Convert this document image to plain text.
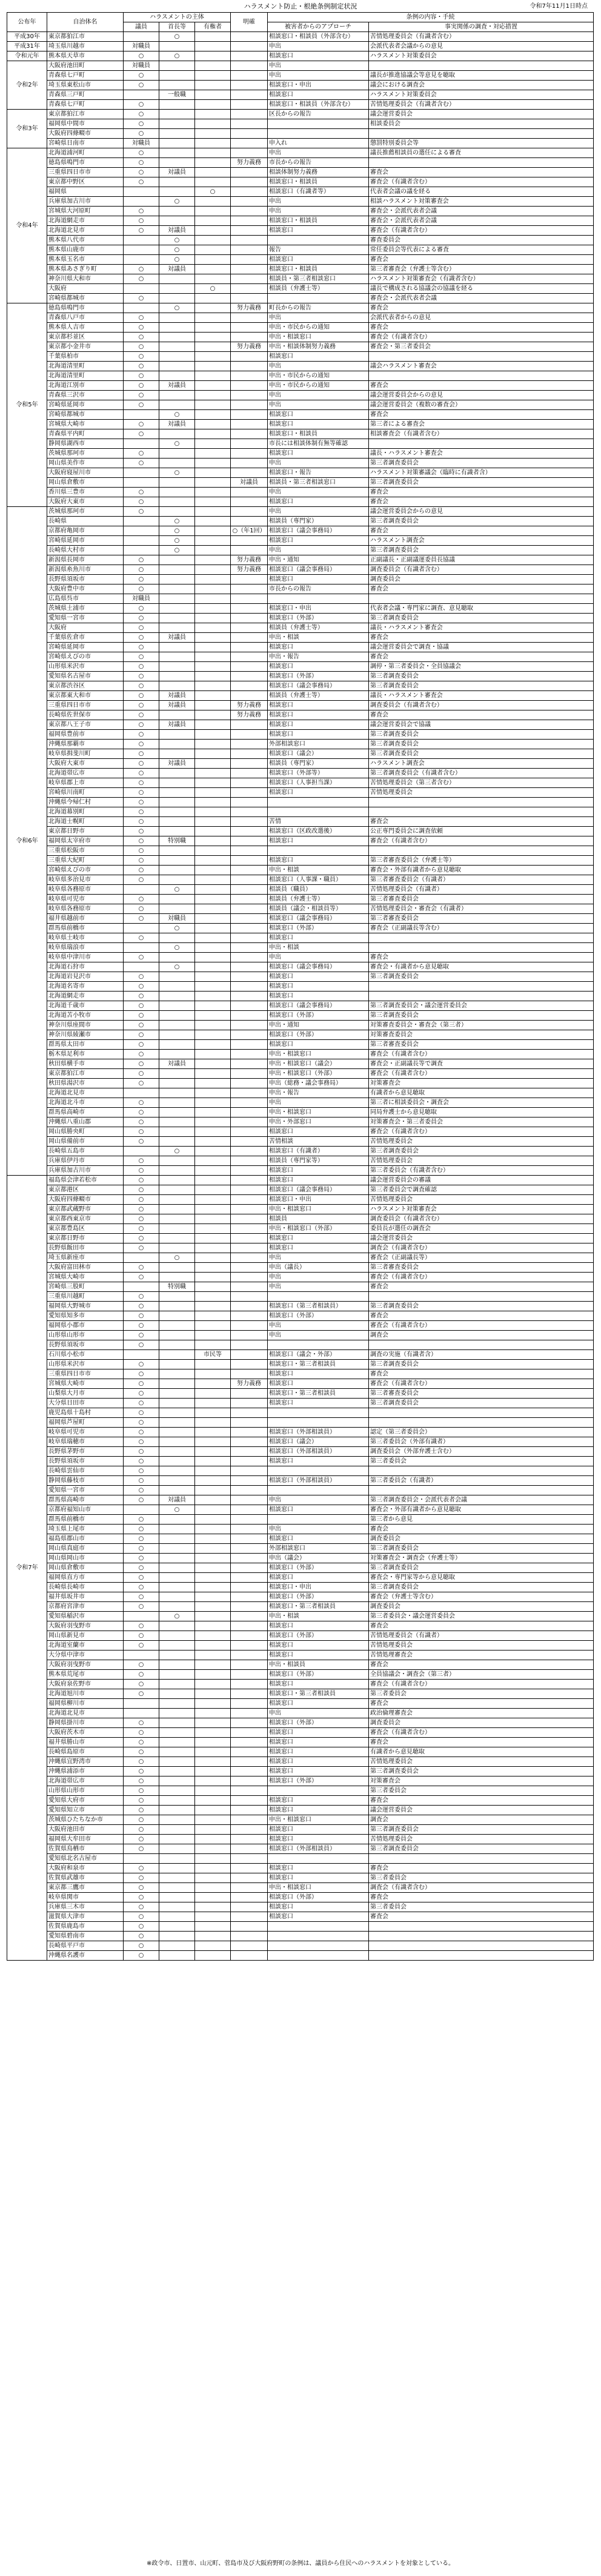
ハラスメント防止・根絶条例制定状況	令和7年11月1日時点
公布年	自治体名	ハラスメントの主体			明確	条例の内容・手続	
		議員	首長等	有権者		被害者からのアプローチ	事実関係の調査・対応措置

平成30年	東京都狛江市		○			相談窓口・相談員（外部含む）	苦情処理委員会（有識者含む）

平成31年	埼玉県川越市	対職員				申出	会派代表者会議からの意見

令和元年	熊本県天草市	○	○			相談窓口	ハラスメント対策委員会

令和2年	大阪府池田町	対職員				申出	
	青森県七戸町	○				申出	議長が推進協議会等意見を聴取
	埼玉県東松山市	○				相談窓口・申出	議会における調査会
	青森県三戸町		一般職			相談窓口	ハラスメント対策委員会
	青森県七戸町	○				相談窓口・相談員（外部含む）	苦情処理委員会（有識者含む）

令和3年	東京都狛江市	○				区長からの報告	議会運営委員会
	福岡県中間市	○					相談委員会
	大阪府四條畷市	○					
	宮崎県日南市	対職員				申入れ	懲罰特別委員会等

令和4年	北海道浦河町	○				申出	議長推薦相談員の選任による審査
	徳島県鳴門市	○			努力義務	市長からの報告	
	三重県四日市市	○	対議員			相談体制努力義務	審査会
	東京都中野区	○				相談窓口・相談員	審査会（有識者含む）
	福岡県			○		相談窓口（有識者等）	代表者会議の議を経る
	兵庫県加古川市		○			申出	相談ハラスメント対策審査会
	宮城県大河原町	○				申出	審査会・会派代表者会議
	北海道網走市	○				相談窓口・相談員	審査会・会派代表者会議
	北海道北見市	○	対議員			相談窓口	審査会（有識者含む）
	熊本県八代市		○				審査委員会
	熊本県山鹿市		○			報告	常任委員会等代表による審査
	熊本県玉名市		○			相談窓口	審査会
	熊本県あさぎり町	○	対議員			相談窓口・相談員	第三者審査会（弁護士等含む）
	神奈川県大和市	○				相談員・第三者相談窓口	ハラスメント対策審査会（有識者含む）
	大阪府			○		相談員（弁護士等）	議長で構成される協議会の協議を経る
	宮崎県都城市	○					審査会・会派代表者会議

令和5年	徳島県鳴門市		○		努力義務	町長からの報告	審査会
	青森県八戸市	○				申出	会派代表者からの意見
	熊本県人吉市	○				申出・市民からの通知	審査会
	東京都杉並区	○				申出・相談窓口	審査会（有識者含む）
	東京都小金井市	○			努力義務	申出・相談体制努力義務	審査会・第三者委員会
	千葉県柏市	○				相談窓口	
	北海道清里町	○				申出	議会ハラスメント審査会
	北海道清里町	○				申出・市民からの通知	
	北海道江別市	○	対議員			申出・市民からの通知	審査会
	青森県三沢市	○				申出	議会運営委員会からの意見
	宮崎県延岡市	○				申出	議会運営委員会（複数の審査会）
	宮崎県都城市		○			相談窓口	審査会
	宮城県大崎市	○	対議員			相談窓口	第三者による審査会
	青森県平内町	○				相談窓口・相談員	相談審査会（有識者含む）
	静岡県湖西市		○			市長には相談体制有無等確認	
	茨城県那珂市	○				相談窓口	議長・ハラスメント審査会
	岡山県美作市	○				申出	第三者調査委員会
	大阪府寝屋川市		○			相談窓口・報告	ハラスメント対策審議会（臨時に有識者含）
	岡山県倉敷市				対議員	相談員・第三者相談窓口	第三者調査委員会
	香川県三豊市	○				申出	審査会
	大阪府大東市	○				相談窓口	審査会

令和6年	茨城県那珂市	○				申出	議会運営委員会からの意見
	長崎県		○			相談員（専門家）	第三者調査委員会
	京都府亀岡市		○		○（年1回）	相談窓口（議会事務局）	審査会
	宮崎県延岡市		○			相談窓口	ハラスメント調査会
	長崎県大村市		○			申出	第三者調査委員会
	新潟県長岡市	○			努力義務	申出・通知	正副議長・正副議運委員長協議
	新潟県糸魚川市	○			努力義務	相談窓口（議会事務局）	調査委員会（有識者含む）
	長野県須坂市	○				相談窓口	調査委員会
	大阪府豊中市	○				市長からの報告	審査会
	広島県呉市	対職員					
	茨城県土浦市	○				相談窓口・申出	代表者会議・専門家に調査、意見聴取
	愛知県一宮市	○				相談窓口（外部）	第三者調査委員会
	大阪府	○				相談員（弁護士等）	議長・ハラスメント審査会
	千葉県佐倉市	○	対議員			申出・相談	審査会
	宮崎県延岡市	○				相談窓口	議会運営委員会で調査・協議
	宮崎県えびの市	○				申出・報告	審査会
	山形県米沢市	○				相談窓口	調停・第三者委員会・全員協議会
	愛知県名古屋市	○				相談窓口（外部）	第三者調査委員会
	東京都渋谷区	○				相談窓口（議会事務局）	第三者調査委員会
	東京都東大和市	○	対議員			相談員（弁護士等）	議長・ハラスメント審査会
	三重県四日市市	○	対議員		努力義務	相談窓口	調査委員会（有識者含む）
	長崎県佐世保市	○			努力義務	相談窓口	審査会
	東京都八王子市	○	対議員			相談窓口	議会運営委員会で協議
	福岡県豊前市	○				相談窓口	第三者調査委員会
	沖縄県那覇市	○				外部相談窓口	第三者調査委員会
	岐阜県揖斐川町	○				相談窓口（議会）	第三者調査委員会
	大阪府大東市	○	対議員			相談員（専門家）	ハラスメント調査会
	北海道帯広市	○				相談窓口（外部等）	第三者調査委員会（有識者含む）
	岐阜県郡上市	○				相談窓口（人事担当課）	苦情処理委員会（第三者含む）
	宮崎県川南町	○				相談窓口	苦情処理委員会
	沖縄県今帰仁村	○					
	北海道幕別町	○					
	北海道士幌町	○				苦情	審査会
	東京都日野市	○				相談窓口（区政改選後）	公正専門委員会に調査依頼
	福岡県太宰府市	○	特別職			相談窓口	審査会（有識者含む）
	三重県松阪市	○					
	三重県大紀町	○				相談窓口	第三者審査委員会（弁護士等）
	宮崎県えびの市	○				申出・相談	審査会・外部有識者から意見聴取
	岐阜県多治見市	○				相談窓口（人事課・職員）	第三者審査委員会（有識者）
	岐阜県各務原市		○			相談員（職員）	苦情処理委員会（有識者）
	岐阜県可児市	○				相談員（弁護士等）	第三者審査委員会
	岐阜県各務原市	○				相談員（議会・相談員等）	苦情処理委員会・審査会（有識者）
	福井県越前市	○	対職員			相談窓口（議会事務局）	第三者審査委員会
	群馬県前橋市		○			相談窓口（外部）	審査会（正副議長等含む）
	岐阜県土岐市	○				相談窓口	
	岐阜県瑞浪市		○			申出・相談	
	岐阜県中津川市	○				申出	審査会
	北海道石狩市		○			相談窓口（議会事務局）	審査会・有識者から意見聴取
	北海道岩見沢市	○				相談窓口	第三者調査委員会
	北海道名寄市	○				相談窓口	
	北海道網走市	○				相談窓口	
	北海道千歳市	○				相談窓口（議会事務局）	第三者調査委員会・議会運営委員会
	北海道苫小牧市	○				相談窓口（外部）	第三者調査委員会
	神奈川県座間市	○				申出・通知	対策審査委員会・審査会（第三者）
	神奈川県綾瀬市	○				相談窓口（外部）	対策審査委員会
	群馬県太田市	○				相談窓口	第三者審査委員会
	栃木県足利市	○				申出・相談窓口	審査会（有識者含む）
	秋田県横手市	○	対議員			申出・相談窓口（議会）	審査会・正副議長等で調査
	東京都狛江市	○				申出・相談窓口（外部）	審査会（有識者含む）
	秋田県湯沢市	○				申出（総務・議会事務局）	対策審査会
	北海道北見市					申出・報告	有識者から意見聴取
	北海道北斗市	○				申出	第三者に相談委員会・調査会
	群馬県高崎市	○				申出・相談窓口	同局弁護士から意見聴取
	沖縄県八重山郡	○				申出・外部窓口	対策審査会・第三者委員会
	岡山県勝央町	○				相談窓口	審査会（有識者含む）
	岡山県備前市	○				苦情相談	苦情処理委員会
	長崎県五島市		○			相談窓口（有識者）	第三者調査委員会
	兵庫県伊丹市	○				相談員（専門家等）	苦情処理委員会
	兵庫県加古川市	○				相談窓口	第三者委員会（有識者含む）

令和7年	福島県会津若松市	○				相談窓口	議会運営委員会の審議
	東京都港区	○				相談窓口（議会事務局）	第三者委員会で調査確認
	大阪府四條畷市	○				相談窓口・申出	苦情処理委員会
	東京都武蔵野市	○				申出・相談窓口	ハラスメント対策審査会
	東京都西東京市	○				相談員	調査委員会（有識者含む）
	東京都豊島区	○				申出・相談窓口（外部）	委員長が選任の調査会
	東京都日野市	○				相談窓口	議会運営委員会
	長野県飯田市	○				相談窓口	調査会（有識者含む）
	埼玉県新座市		○			申出	審査会（正副議長等）
	大阪府富田林市	○				申出（議長）	第三者審査委員会
	宮城県大崎市	○				申出	審査会（有識者含む）
	宮崎県三股町		特別職			申出	審査会
	三重県川越町	○					
	福岡県大野城市	○				相談窓口（第三者相談員）	第三者調査委員会
	愛知県知多市	○				相談窓口（外部）	審査会
	福岡県小郡市	○				申出	審査会（有識者含む）
	山形県山形市	○				申出	調査会
	長野県須坂市	○					
	石川県小松市			市民等		相談窓口（議会・外部）	調査の実施（有識者含）
	山形県米沢市	○				相談窓口・第三者相談員	第三者調査委員会
	三重県四日市市	○				相談窓口	審査会
	宮城県大崎市	○			努力義務	相談窓口	審査会（有識者含む）
	山梨県大月市	○				相談窓口・第三者相談員	第三者審査委員会
	大分県日田市	○				相談窓口	第三者調査委員会
	鹿児島県十島村	○					
	福岡県芦屋町	○					
	岐阜県可児市	○				相談窓口（外部相談員）	認定（第三者委員会）
	岐阜県瑞穂市	○				相談窓口（議会）	第三者委員会（外部有識者）
	長野県茅野市	○				相談窓口（外部相談員）	調査委員会（外部弁護士含む）
	長野県須坂市	○				相談窓口	第三者委員会
	長崎県雲仙市	○					
	静岡県藤枝市	○				相談窓口（外部相談員）	第三者委員会（有識者）
	愛知県一宮市	○					
	群馬県高崎市	○	対議員			申出	第三者調査委員会・会派代表者会議
	京都府福知山市		○			相談窓口	審査会・外部有識者から意見聴取
	群馬県前橋市	○					第三者から意見
	埼玉県上尾市	○				申出	審査会
	福島県郡山市	○				相談窓口	調査委員会
	岡山県真庭市	○				外部相談窓口	第三者調査委員会
	岡山県岡山市	○				申出（議会）	対策審査会・調査会（弁護士等）
	岡山県倉敷市	○				相談窓口（外部）	第三者調査委員会
	福岡県直方市	○				相談窓口	審査会・専門家等から意見聴取
	長崎県長崎市	○				相談窓口・申出	第三者調査委員会
	福井県坂井市	○				相談窓口（外部）	審査会（弁護士等含む）
	京都府宮津市	○				相談窓口・第三者相談員	調査委員会
	愛知県稲沢市		○			申出・相談	第三者委員会・議会運営委員会
	大阪府羽曳野市	○				相談窓口	審査会
	岡山県新見市	○				相談窓口（外部）	苦情処理委員会（有識者）
	北海道室蘭市	○				相談窓口	苦情処理委員会
	大分県中津市					相談窓口	苦情処理審査会
	大阪府羽曳野市	○				申出・相談員	審査会
	熊本県荒尾市	○				相談窓口（外部）	全員協議会・調査会（第三者）
	大阪府泉佐野市	○				相談窓口	審査会（有識者含む）
	北海道旭川市	○				相談窓口・第三者相談員	第三者委員会
	福岡県柳川市					相談窓口	審査会
	北海道北見市					申出	政治倫理審査会
	静岡県掛川市	○				相談窓口（外部）	調査委員会
	大阪府茨木市	○				相談窓口	審査会（有識者含む）
	福井県勝山市	○				相談窓口	審査会
	長崎県島原市	○				相談窓口	有識者から意見聴取
	沖縄県宜野湾市	○				相談窓口	苦情処理委員会
	沖縄県浦添市	○				相談窓口	第三者調査委員会
	北海道帯広市	○				相談窓口（外部）	対策審査会
	山形県山形市	○					第三者委員会
	愛知県大府市	○				相談窓口	審査会
	愛知県知立市	○				相談窓口	議会運営委員会
	茨城県ひたちなか市	○				申出・相談窓口	調査会
	大阪府池田市	○				相談窓口	第三者調査委員会
	福岡県大牟田市	○				相談窓口	苦情処理委員会
	佐賀県鳥栖市	○				相談窓口（外部相談員）	第三者調査委員会
	愛知県北名古屋市						
	大阪府和泉市	○				相談窓口	審査会
	佐賀県武雄市	○				相談窓口	第三者委員会
	東京都三鷹市	○				申出・相談窓口	調査会（有識者含む）
	岐阜県関市	○				相談窓口（外部）	審査会
	兵庫県三木市	○				相談窓口	第三者委員会
	滋賀県大津市	○				相談窓口	審査会
	佐賀県鹿島市	○					
	愛知県碧南市	○					
	長崎県平戸市	○					
	沖縄県名護市	○					
※政令市、日置市、山元町、菅島市及び大阪府野町の条例は、議員から住民へのハラスメントを対象としている。
